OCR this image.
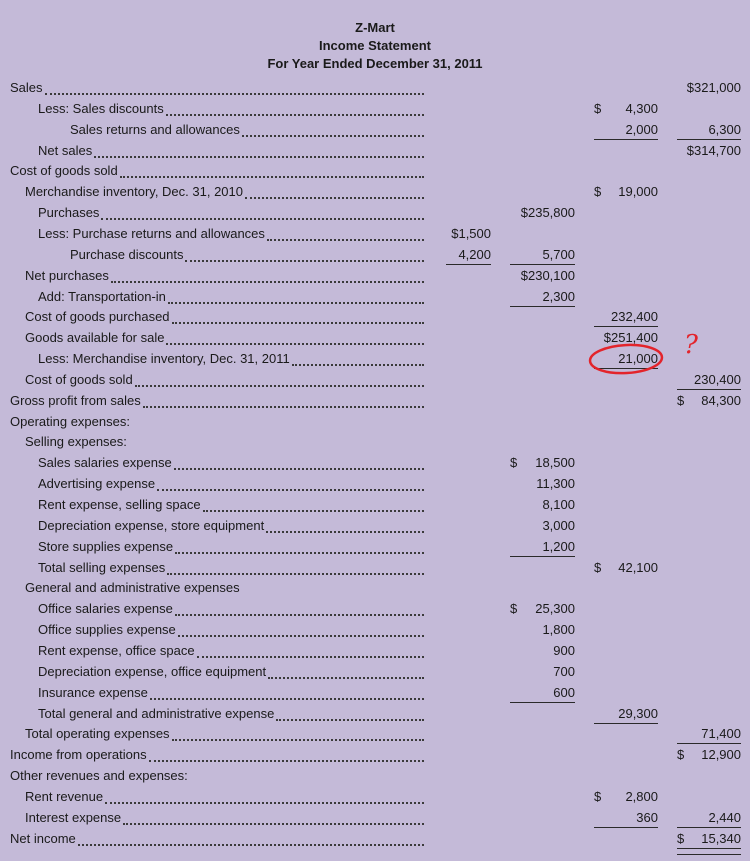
Z-Mart
Income Statement
For Year Ended December 31, 2011
Sales	$321,000
Less: Sales discounts	$ 4,300
Sales returns and allowances	2,000	6,300
Net sales	$314,700
Cost of goods sold
Merchandise inventory, Dec. 31, 2010	$ 19,000
Purchases	$235,800
Less: Purchase returns and allowances	$1,500
Purchase discounts	4,200	5,700
Net purchases	$230,100
Add: Transportation-in	2,300
Cost of goods purchased	232,400
Goods available for sale	$251,400
Less: Merchandise inventory, Dec. 31, 2011	21,000
Cost of goods sold	230,400
Gross profit from sales	$ 84,300
Operating expenses:
Selling expenses:
Sales salaries expense	$ 18,500
Advertising expense	11,300
Rent expense, selling space	8,100
Depreciation expense, store equipment	3,000
Store supplies expense	1,200
Total selling expenses	$ 42,100
General and administrative expenses
Office salaries expense	$ 25,300
Office supplies expense	1,800
Rent expense, office space	900
Depreciation expense, office equipment	700
Insurance expense	600
Total general and administrative expense	29,300
Total operating expenses	71,400
Income from operations	$ 12,900
Other revenues and expenses:
Rent revenue	$ 2,800
Interest expense	360	2,440
Net income	$ 15,340
?
